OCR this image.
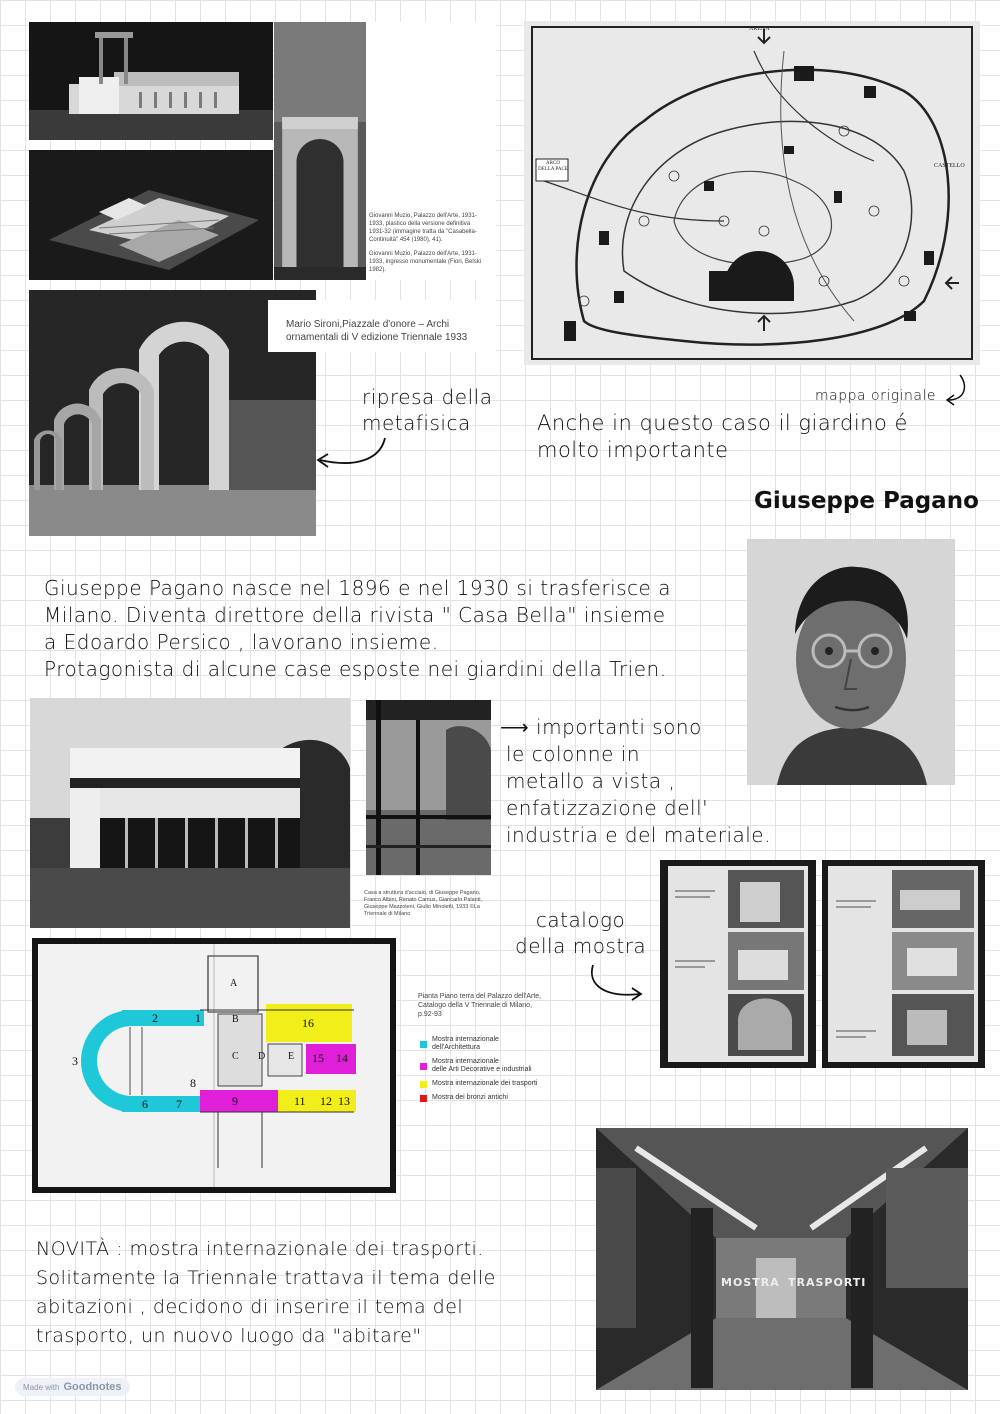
Giovanni Muzio, Palazzo dell'Arte, 1931-1933, plastico della versione definitiva 1931-32 (immagine tratta da "Casabella-Continuità" 454 (1980), 41).
Giovanni Muzio, Palazzo dell'Arte, 1931-1933, ingresso monumentale (Fiori, Belski 1982).
Mario Sironi,Piazzale d'onore – Archi
ornamentali di V edizione Triennale 1933
ripresa della
metafisica
ARENA
CASTELLO
ARCO DELLA PACE
mappa originale
Anche in questo caso il giardino é
molto importante
Giuseppe Pagano
Giuseppe Pagano nasce nel 1896 e nel 1930 si trasferisce a
Milano. Diventa direttore della rivista " Casa Bella" insieme
a Edoardo Persico , lavorano insieme.
Protagonista di alcune case esposte nei giardini della Trien.
Casa a struttura d'acciaio, di Giuseppe Pagano, Franco Albini, Renato Camus, Giancarlo Palanti, Giuseppe Mazzoleni, Giulio Minoletti, 1933 ©La Triennale di Milano
⟶ importanti sono
le colonne in
metallo a vista ,
enfatizzazione dell'
industria e del materiale.
catalogo
della mostra
2	1
3
6 7
8
9	11 12 13
14
15
16
A
B
C D E
Pianta Piano terra del Palazzo dell'Arte,
Catalogo della V Triennale di Milano,
p.92-93
Mostra internazionale
dell'Architettura
Mostra internazionale
delle Arti Decorative e industriali
Mostra internazionale dei trasporti
Mostra dei bronzi antichi
NOVITÀ : mostra internazionale dei trasporti.
Solitamente la Triennale trattava il tema delle
abitazioni , decidono di inserire il tema del
trasporto, un nuovo luogo da "abitare"
MOSTRA TRASPORTI
Made with Goodnotes
